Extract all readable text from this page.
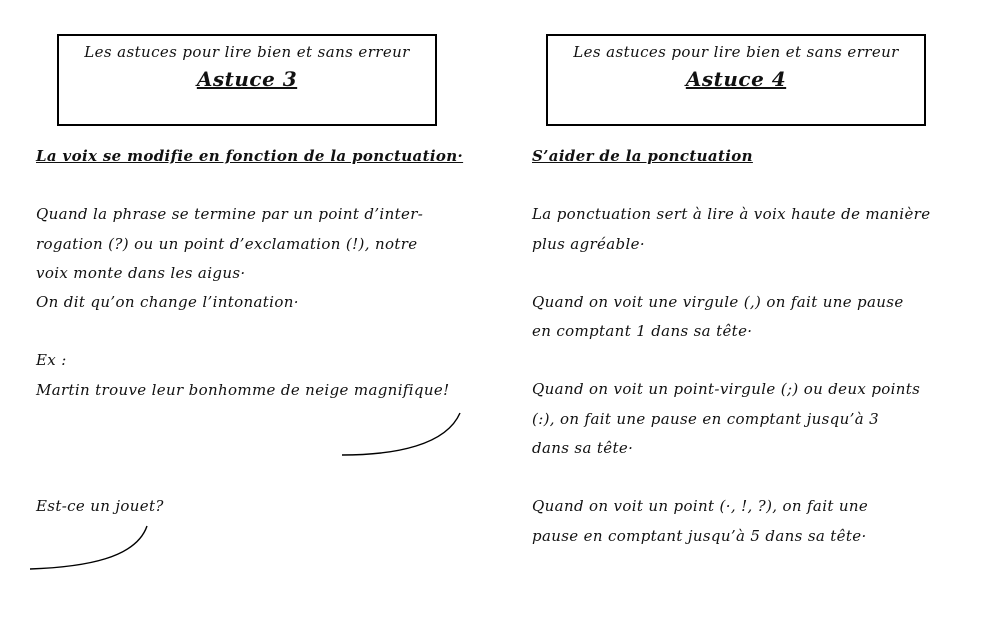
Les astuces pour lire bien et sans erreur
Astuce 3
Les astuces pour lire bien et sans erreur
Astuce 4
La voix se modifie en fonction de la ponctuation·

Quand la phrase se termine par un point d’inter-

rogation (?) ou un point d’exclamation (!), notre

voix monte dans les aigus·

On dit qu’on change l’intonation·

Ex :

Martin trouve leur bonhomme de neige magnifique!

Est-ce un jouet?

S’aider de la ponctuation

La ponctuation sert à lire à voix haute de manière

plus agréable·

Quand on voit une virgule (,) on fait une pause

en comptant 1 dans sa tête·

Quand on voit un point-virgule (;) ou deux points

(:), on fait une pause en comptant jusqu’à 3

dans sa tête·

Quand on voit un point (·, !, ?), on fait une

pause en comptant jusqu’à 5 dans sa tête·
